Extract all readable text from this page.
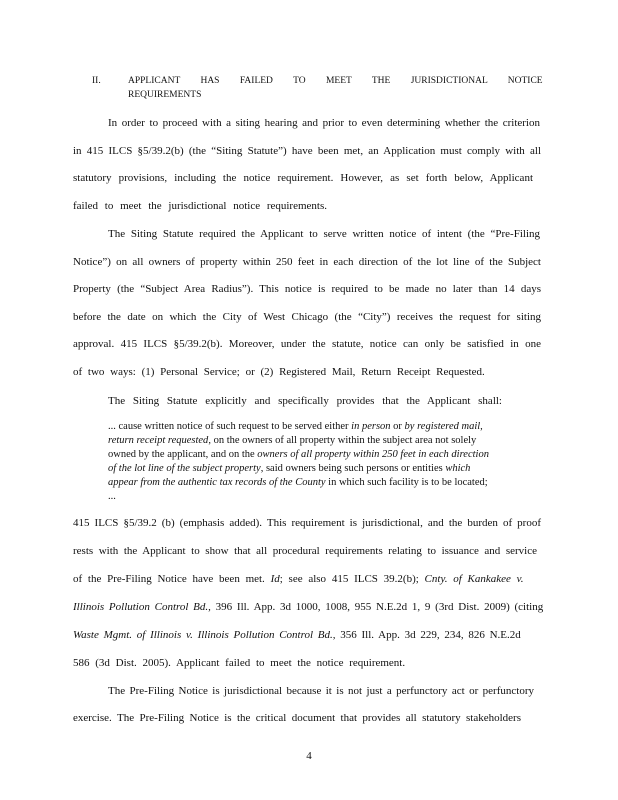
II.	APPLICANT HAS FAILED TO MEET THE JURISDICTIONAL NOTICE
REQUIREMENTS
In order to proceed with a siting hearing and prior to even determining whether the criterion
in 415 ILCS §5/39.2(b) (the “Siting Statute”) have been met, an Application must comply with all
statutory provisions, including the notice requirement. However, as set forth below, Applicant
failed to meet the jurisdictional notice requirements.
The Siting Statute required the Applicant to serve written notice of intent (the “Pre-Filing
Notice”) on all owners of property within 250 feet in each direction of the lot line of the Subject
Property (the “Subject Area Radius”). This notice is required to be made no later than 14 days
before the date on which the City of West Chicago (the “City”) receives the request for siting
approval. 415 ILCS §5/39.2(b). Moreover, under the statute, notice can only be satisfied in one
of two ways: (1) Personal Service; or (2) Registered Mail, Return Receipt Requested.
The Siting Statute explicitly and specifically provides that the Applicant shall:
... cause written notice of such request to be served either in person or by registered mail,
return receipt requested, on the owners of all property within the subject area not solely
owned by the applicant, and on the owners of all property within 250 feet in each direction
of the lot line of the subject property, said owners being such persons or entities which
appear from the authentic tax records of the County in which such facility is to be located;
...
415 ILCS §5/39.2 (b) (emphasis added). This requirement is jurisdictional, and the burden of proof
rests with the Applicant to show that all procedural requirements relating to issuance and service
of the Pre-Filing Notice have been met. Id; see also 415 ILCS 39.2(b); Cnty. of Kankakee v.
Illinois Pollution Control Bd., 396 Ill. App. 3d 1000, 1008, 955 N.E.2d 1, 9 (3rd Dist. 2009) (citing
Waste Mgmt. of Illinois v. Illinois Pollution Control Bd., 356 Ill. App. 3d 229, 234, 826 N.E.2d
586 (3d Dist. 2005). Applicant failed to meet the notice requirement.
The Pre-Filing Notice is jurisdictional because it is not just a perfunctory act or perfunctory
exercise. The Pre-Filing Notice is the critical document that provides all statutory stakeholders
4
